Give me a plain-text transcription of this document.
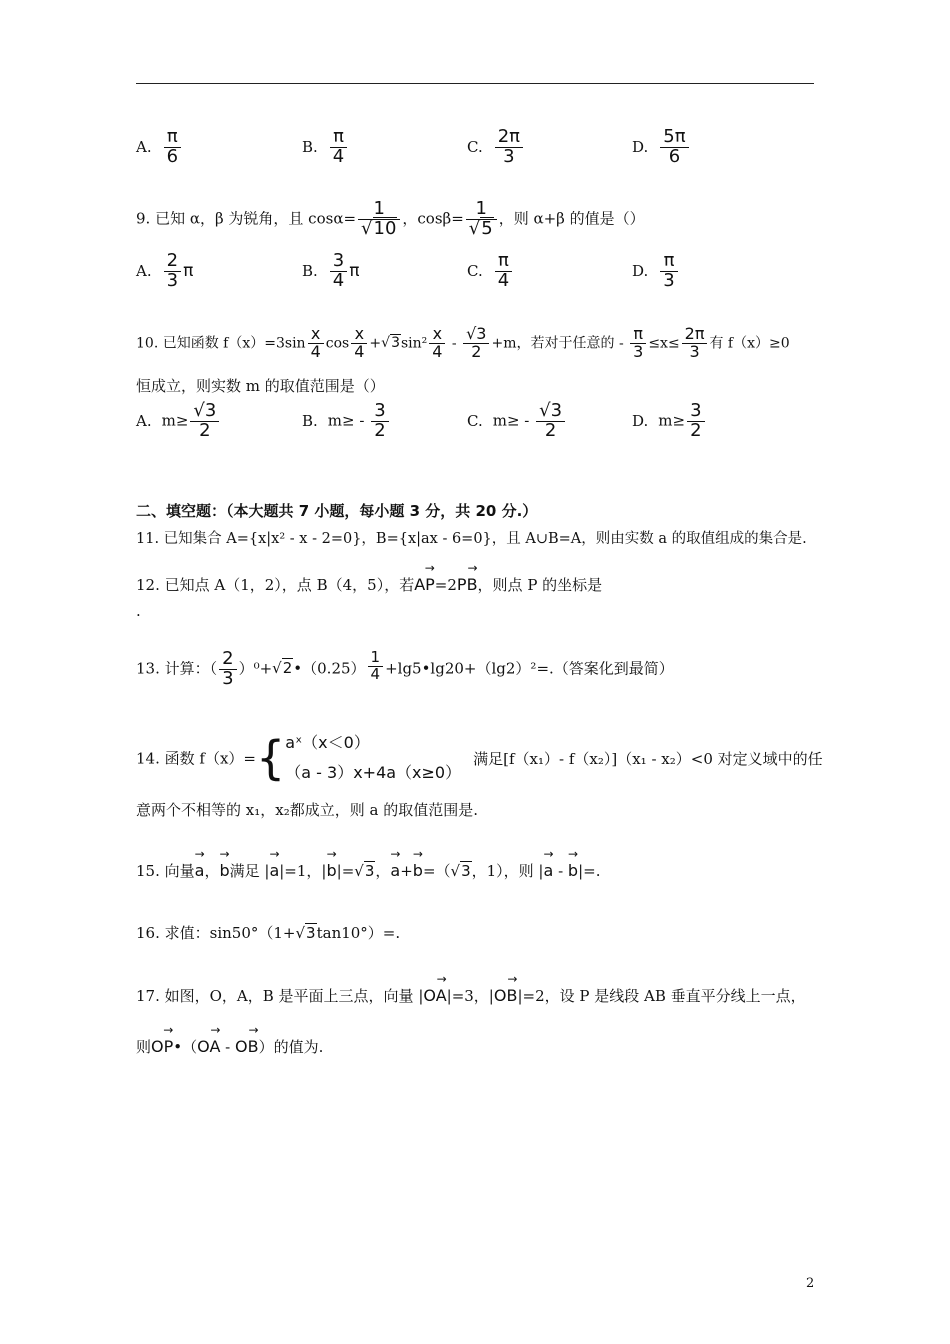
A. $\frac{\pi}{6}$	B. $\frac{\pi}{4}$	C. $\frac{2\pi}{3}$	D. $\frac{5\pi}{6}$
9. 已知 α，β 为锐角，且 $\cos\alpha= \frac{1}{√10}$ ，$\cos\beta= \frac{1}{√5}$ ，则 α+β 的值是（）
A. $\frac{2}{3}$ π	B. $\frac{3}{4}$ π	C. $\frac{\pi}{4}$	D. $\frac{\pi}{3}$
10. 已知函数 $f(x)=3\sin \frac{x}{4}$ $\cos \frac{x}{4} +√3\sin^2 \frac{x}{4} - \frac{√3}{2} +m$，若对于任意的 - $\frac{\pi}{3} \le x\le \frac{2\pi}{3}$ 有 f（x）≥0
恒成立，则实数 m 的取值范围是（）
A. $m\ge \frac{√3}{2}$	B. $m\ge - \frac{3}{2}$	C. $m\ge - \frac{√3}{2}$	D. $m\ge \frac{3}{2}$
二、填空题：（本大题共 7 小题，每小题 3 分，共 20 分.）
11. 已知集合 A={x|x² - x - 2=0}，B={x|ax - 6=0}，且 A∪B=A，则由实数 a 的取值组成的集合是.
12. 已知点 A（1，2），点 B（4，5），若→ AP=2→ PB，则点 P 的坐标是
.
13. 计算：（ $\frac{2}{3}$ ）⁰+√2•（0.25） $\frac{1}{4}$ +lg5•lg20+（lg2）²=.（答案化到最简）
14. 函数 f（x）={ aˣ（x＜0）
（a - 3）x+4a（x≥0）
满足[f（x₁）- f（x₂）]（x₁ - x₂）<0 对定义域中的任
意两个不相等的 x₁，x₂都成立，则 a 的取值范围是.
15. 向量→ a，→ b满足 |→ a|=1，|→ b|=√3，→ a+→ b=（√3，1），则 |→ a - → b|=.
16. 求值：sin50°（1+√3tan10°）=.
17. 如图，O，A，B 是平面上三点，向量 |→ OA|=3，|→ OB|=2，设 P 是线段 AB 垂直平分线上一点，
则→ OP•（→ OA - → OB）的值为.
2
